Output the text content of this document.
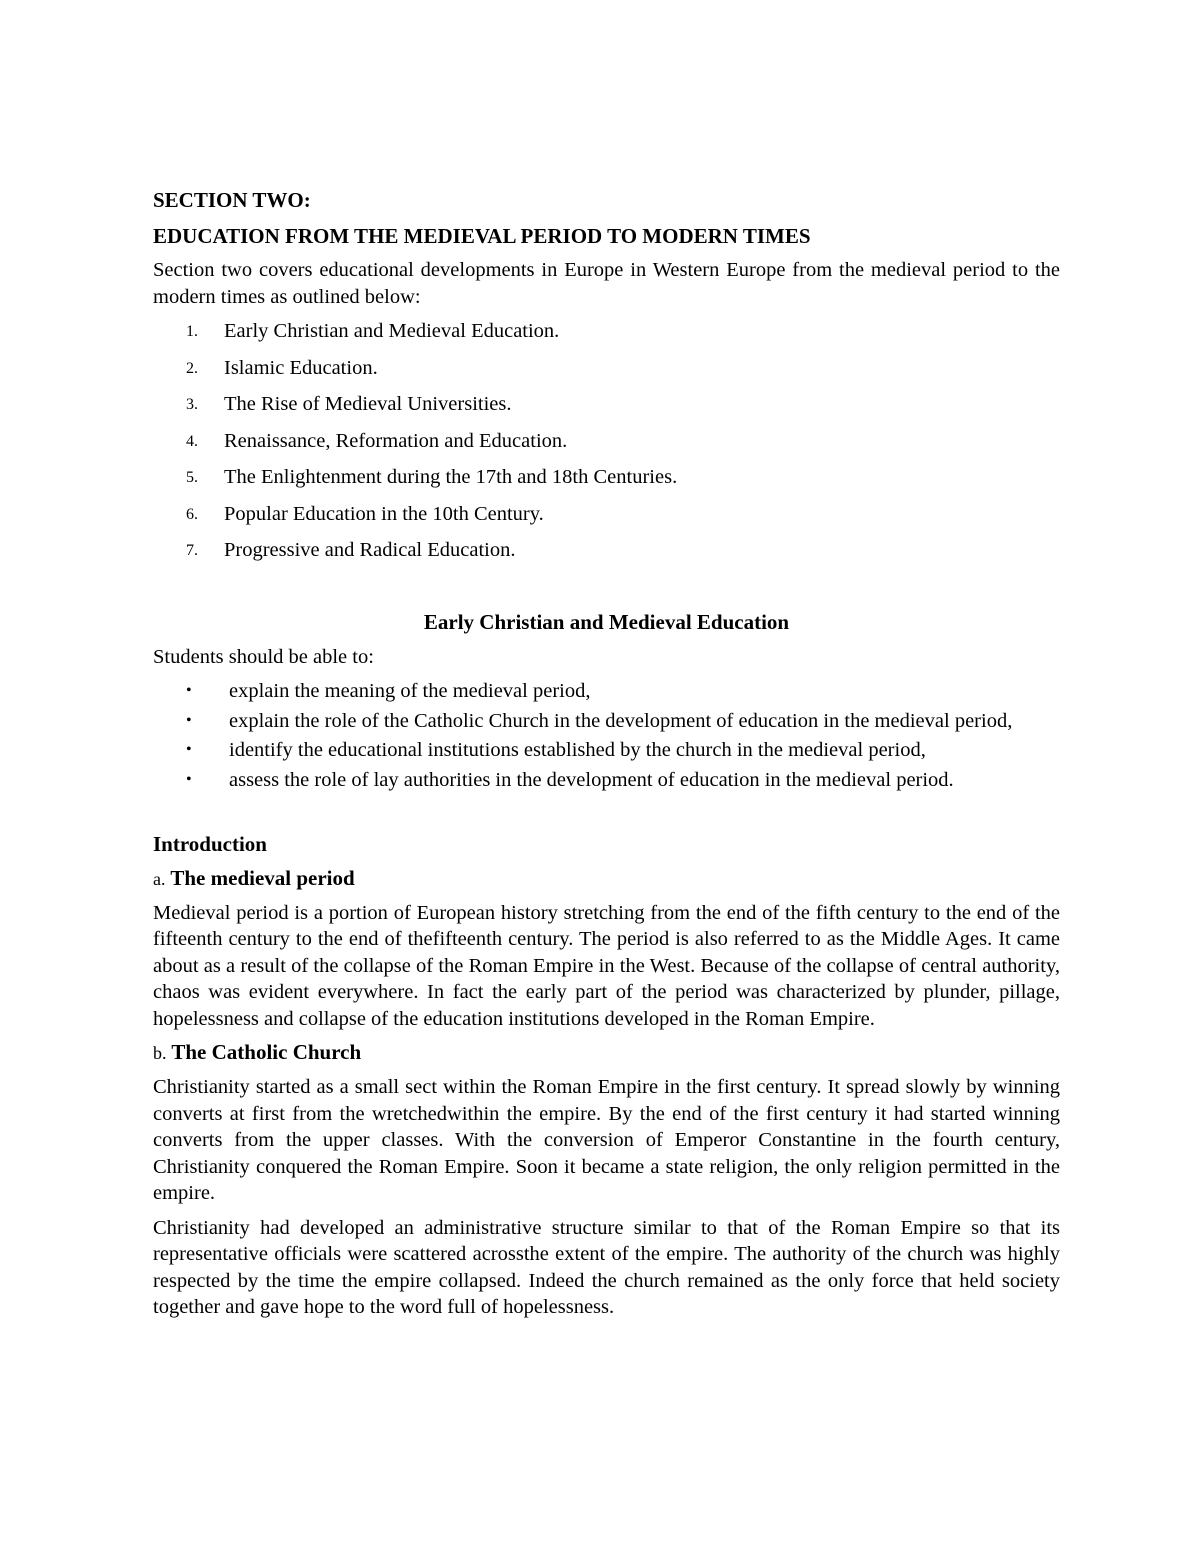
SECTION TWO:

EDUCATION FROM THE MEDIEVAL PERIOD TO MODERN TIMES

Section two covers educational developments in Europe in Western Europe from the medieval period to the modern times as outlined below:

1. Early Christian and Medieval Education.
2. Islamic Education.
3. The Rise of Medieval Universities.
4. Renaissance, Reformation and Education.
5. The Enlightenment during the 17th and 18th Centuries.
6. Popular Education in the 10th Century.
7. Progressive and Radical Education.

Early Christian and Medieval Education

Students should be able to:

• explain the meaning of the medieval period,
• explain the role of the Catholic Church in the development of education in the medieval period,
• identify the educational institutions established by the church in the medieval period,
• assess the role of lay authorities in the development of education in the medieval period.

Introduction

a. The medieval period

Medieval period is a portion of European history stretching from the end of the fifth century to the end of the fifteenth century to the end of thefifteenth century. The period is also referred to as the Middle Ages. It came about as a result of the collapse of the Roman Empire in the West. Because of the collapse of central authority, chaos was evident everywhere. In fact the early part of the period was characterized by plunder, pillage, hopelessness and collapse of the education institutions developed in the Roman Empire.

b. The Catholic Church

Christianity started as a small sect within the Roman Empire in the first century. It spread slowly by winning converts at first from the wretchedwithin the empire. By the end of the first century it had started winning converts from the upper classes. With the conversion of Emperor Constantine in the fourth century, Christianity conquered the Roman Empire. Soon it became a state religion, the only religion permitted in the empire.

Christianity had developed an administrative structure similar to that of the Roman Empire so that its representative officials were scattered acrossthe extent of the empire. The authority of the church was highly respected by the time the empire collapsed. Indeed the church remained as the only force that held society together and gave hope to the word full of hopelessness.
